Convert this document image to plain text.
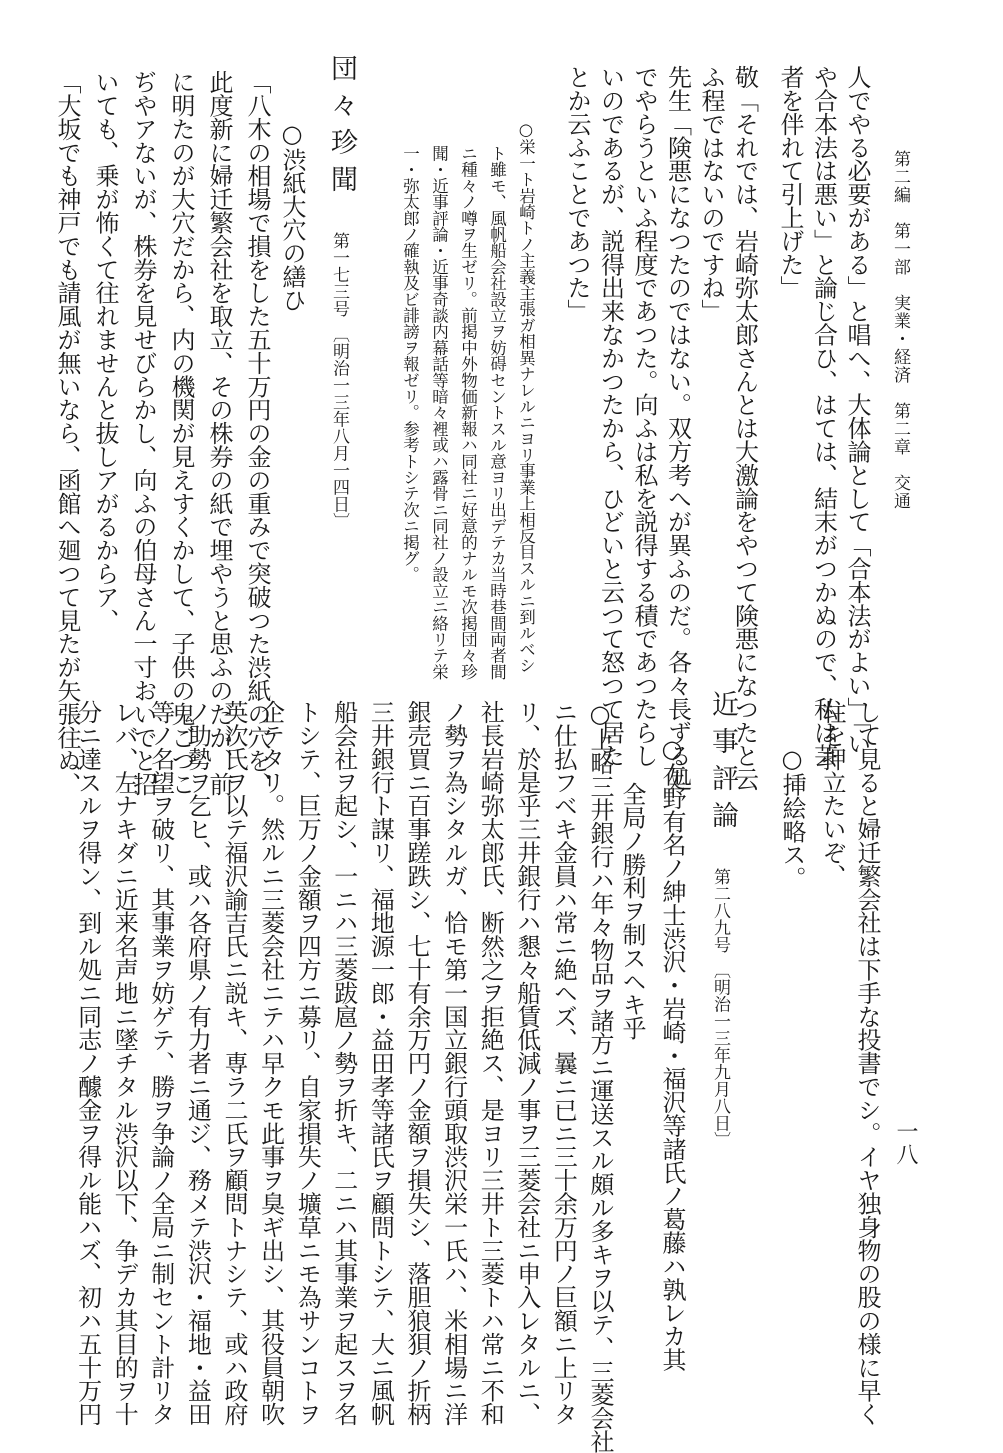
第二編　第一部　実業・経済　第二章　交通
一八
人でやる必要がある」と唱へ、大体論として「合本法がよい」「い
や合本法は悪い」と論じ合ひ、はては、結末がつかぬので、私は芸
者を伴れて引上げた」
敬「それでは、岩崎弥太郎さんとは大激論をやつて険悪になつたと云
ふ程ではないのですね」
先生「険悪になつたのではない。双方考へが異ふのだ。各々長ずる処
でやらうといふ程度であつた。向ふは私を説得する積であつたらし
いのであるが、説得出来なかつたから、ひどいと云つて怒つて居た
とか云ふことであつた」
○栄一ト岩崎トノ主義主張ガ相異ナレルニヨリ事業上相反目スルニ到ルベシ
ト雖モ、風帆船会社設立ヲ妨碍セントスル意ヨリ出デテカ当時巷間両者間
ニ種々ノ噂ヲ生ゼリ。前掲中外物価新報ハ同社ニ好意的ナルモ次掲団々珍
聞・近事評論・近事奇談内幕話等暗々裡或ハ露骨ニ同社ノ設立ニ絡リテ栄
一・弥太郎ノ確執及ビ誹謗ヲ報ゼリ。参考トシテ次ニ掲グ。
団々珍聞
第一七三号　〔明治一三年八月一四日〕
○渋紙大穴の繕ひ
「八木の相場で損をした五十万円の金の重みで突破つた渋紙の穴を、
此度新に婦迁繁会社を取立、その株券の紙で埋やうと思ふのだが、前
に明たのが大穴だから、内の機関が見えすくかして、子供の鬼ごつこ
ぢやアないが、株券を見せびらかし、向ふの伯母さん一寸おいでと招
いても、乗が怖くて往れませんと抜しアがるからア、
「大坂でも神戸でも請風が無いなら、函館へ廻つて見たが矢張往ぬ、
して見ると婦迁繁会社は下手な投書でシ。イヤ独身物の股の様に早く
柱を押立たいぞ、
○挿絵略ス。
近事評論
第二八九号　〔明治一三年九月八日〕
○在野有名ノ紳士渋沢・岩崎・福沢等諸氏ノ葛藤ハ孰レカ其
全局ノ勝利ヲ制スヘキ乎
○上略三井銀行ハ年々物品ヲ諸方ニ運送スル頗ル多キヲ以テ、三菱会社
ニ仕払フベキ金員ハ常ニ絶ヘズ、曩ニ已ニ三十余万円ノ巨額ニ上リタ
リ、於是乎三井銀行ハ懇々船賃低減ノ事ヲ三菱会社ニ申入レタルニ、
社長岩崎弥太郎氏、断然之ヲ拒絶ス、是ヨリ三井ト三菱トハ常ニ不和
ノ勢ヲ為シタルガ、恰モ第一国立銀行頭取渋沢栄一氏ハ、米相場ニ洋
銀売買ニ百事蹉跌シ、七十有余万円ノ金額ヲ損失シ、落胆狼狽ノ折柄
三井銀行ト謀リ、福地源一郎・益田孝等諸氏ヲ顧問トシテ、大ニ風帆
船会社ヲ起シ、一ニハ三菱跋扈ノ勢ヲ折キ、二ニハ其事業ヲ起スヲ名
トシテ、巨万ノ金額ヲ四方ニ募リ、自家損失ノ壙草ニモ為サンコトヲ
企テタリ。然ルニ三菱会社ニテハ早クモ此事ヲ臭ギ出シ、其役員朝吹
英次氏ヲ以テ福沢諭吉氏ニ説キ、専ラ二氏ヲ顧問トナシテ、或ハ政府
ノ助勢ヲ乞ヒ、或ハ各府県ノ有力者ニ通ジ、務メテ渋沢・福地・益田
等ノ名望ヲ破リ、其事業ヲ妨ゲテ、勝ヲ争論ノ全局ニ制セント計リタ
レバ、左ナキダニ近来名声地ニ墜チタル渋沢以下、争デカ其目的ヲ十
分ニ達スルヲ得ン、到ル処ニ同志ノ醵金ヲ得ル能ハズ、初ハ五十万円
